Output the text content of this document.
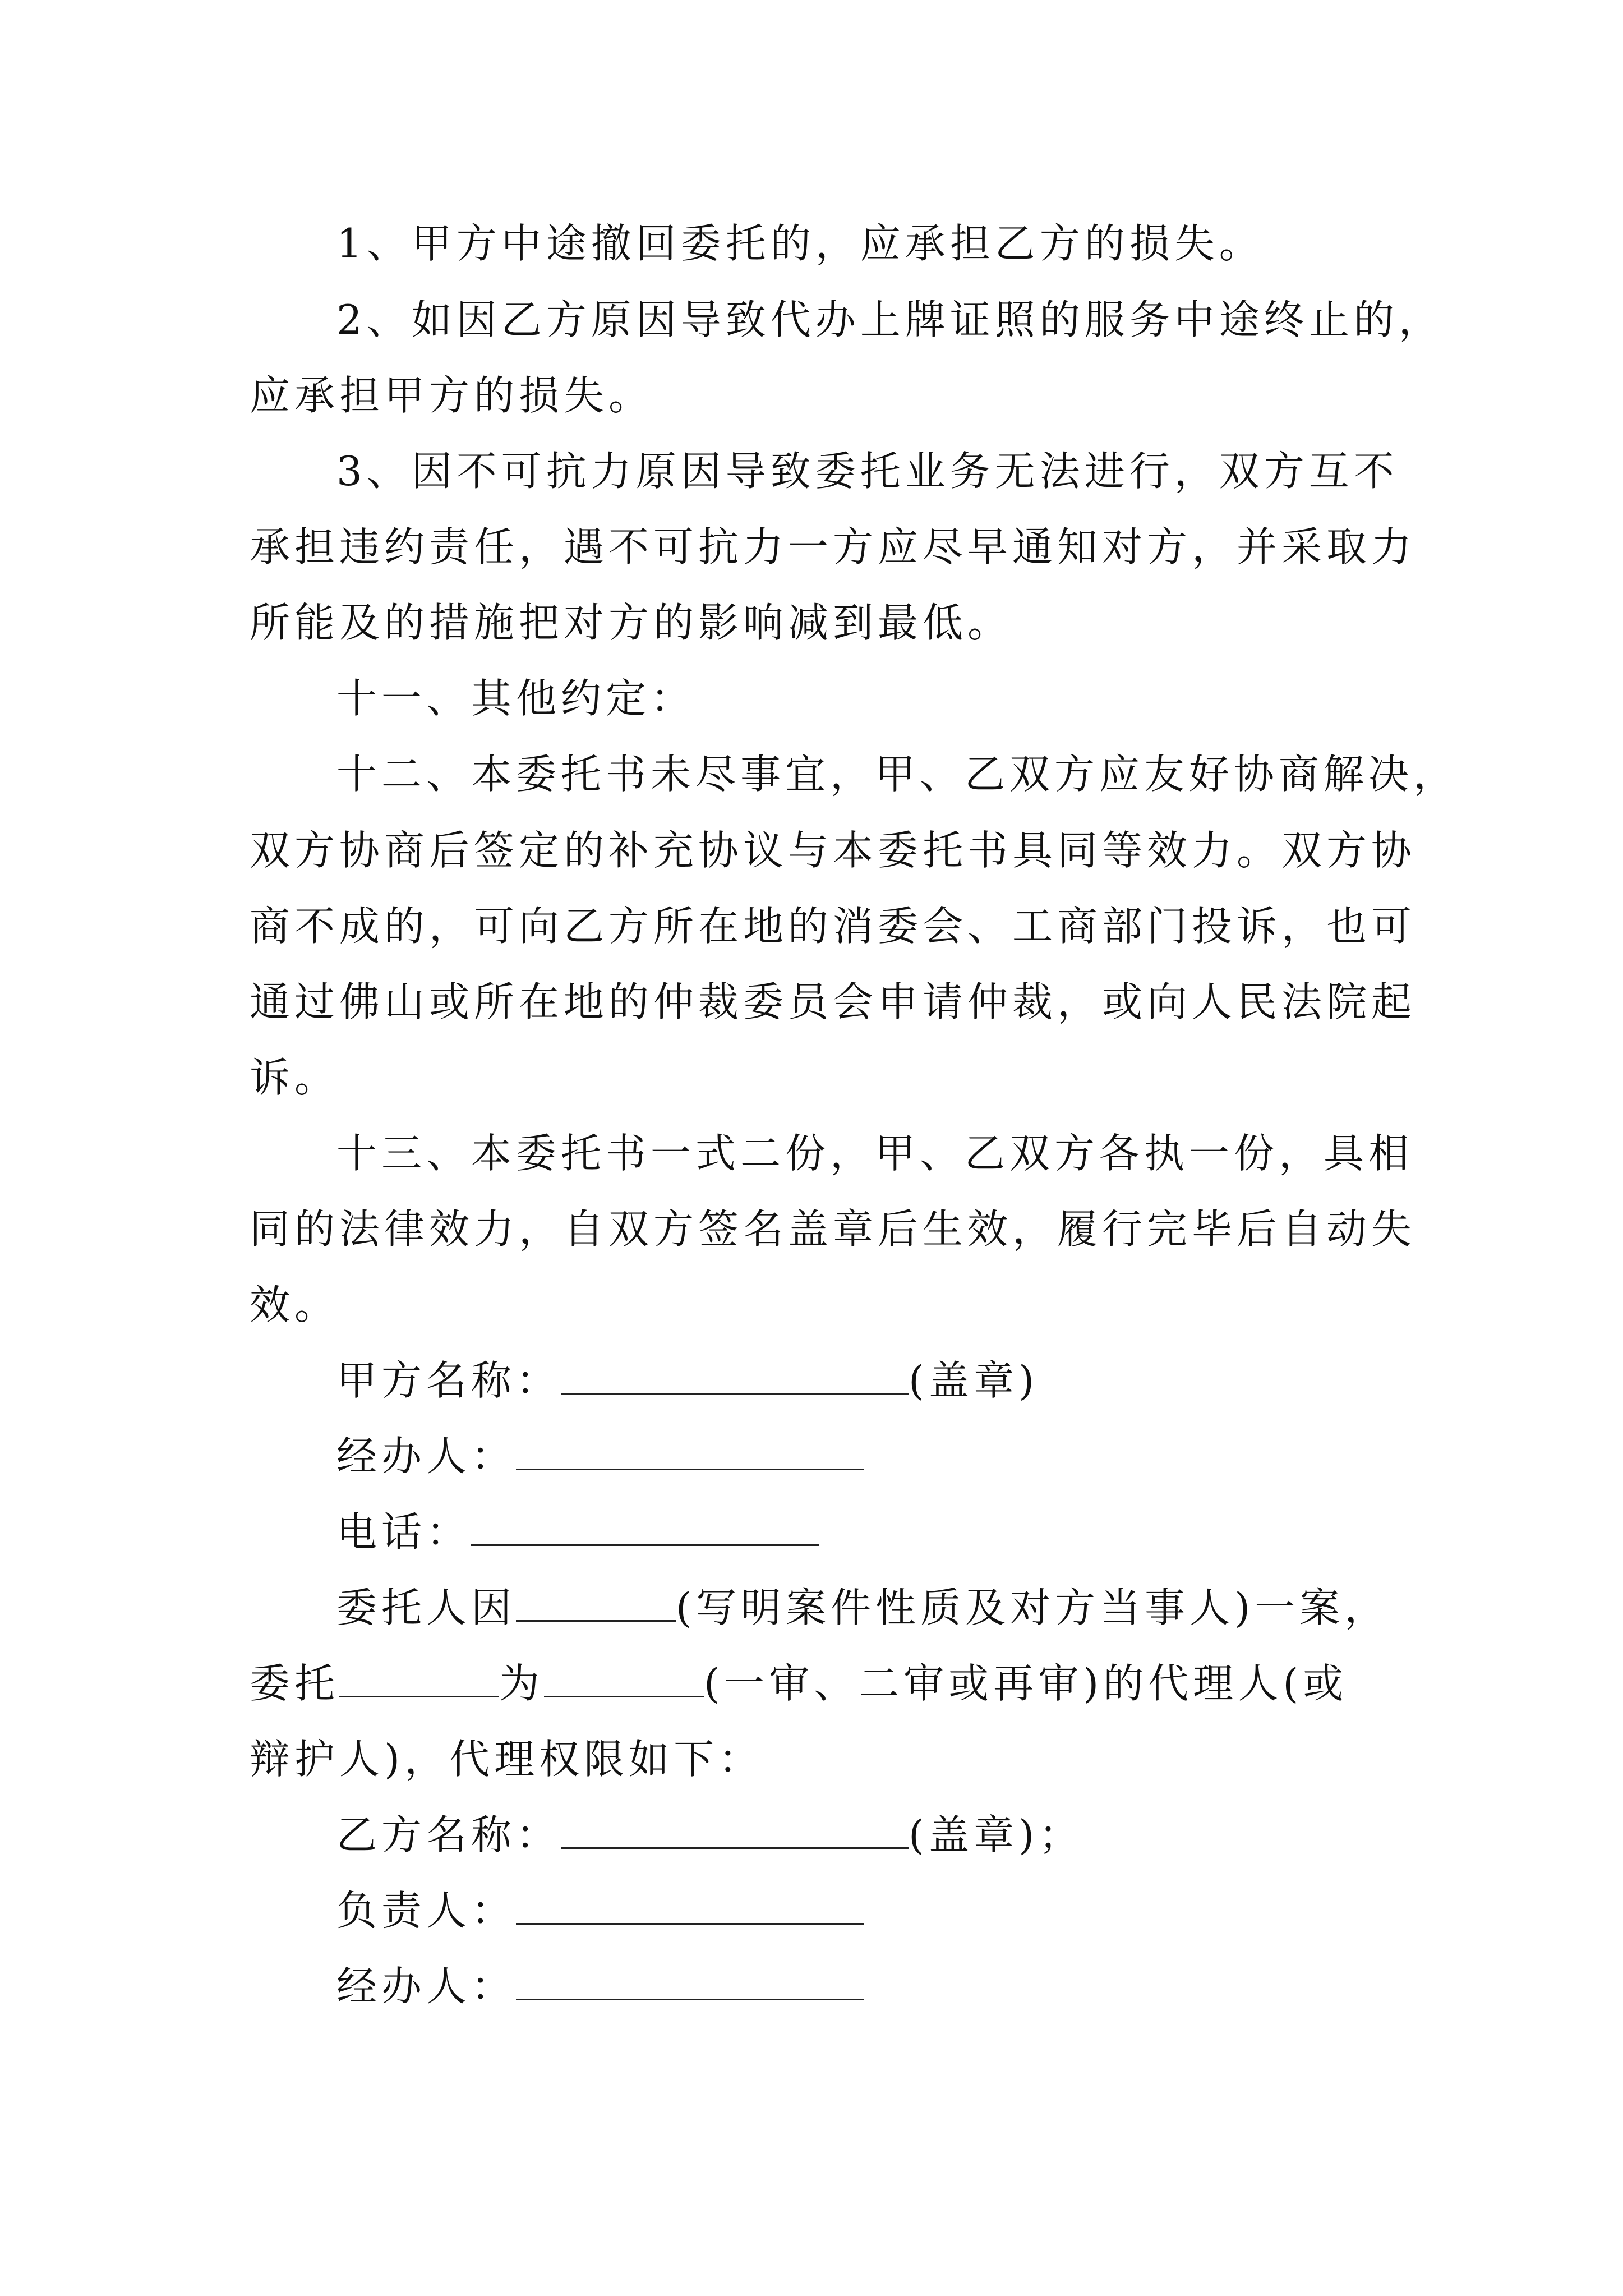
1、甲方中途撤回委托的，应承担乙方的损失。
2、如因乙方原因导致代办上牌证照的服务中途终止的，
应承担甲方的损失。
3、因不可抗力原因导致委托业务无法进行，双方互不
承担违约责任，遇不可抗力一方应尽早通知对方，并采取力
所能及的措施把对方的影响减到最低。
十一、其他约定：
十二、本委托书未尽事宜，甲、乙双方应友好协商解决，
双方协商后签定的补充协议与本委托书具同等效力。双方协
商不成的，可向乙方所在地的消委会、工商部门投诉，也可
通过佛山或所在地的仲裁委员会申请仲裁，或向人民法院起
诉。
十三、本委托书一式二份，甲、乙双方各执一份，具相
同的法律效力，自双方签名盖章后生效，履行完毕后自动失
效。
甲方名称：	(盖章)
经办人：
电话：
委托人因	(写明案件性质及对方当事人)一案，
委托	为	(一审、二审或再审)的代理人(或
辩护人)，代理权限如下：
乙方名称：	(盖章)；
负责人：
经办人：
